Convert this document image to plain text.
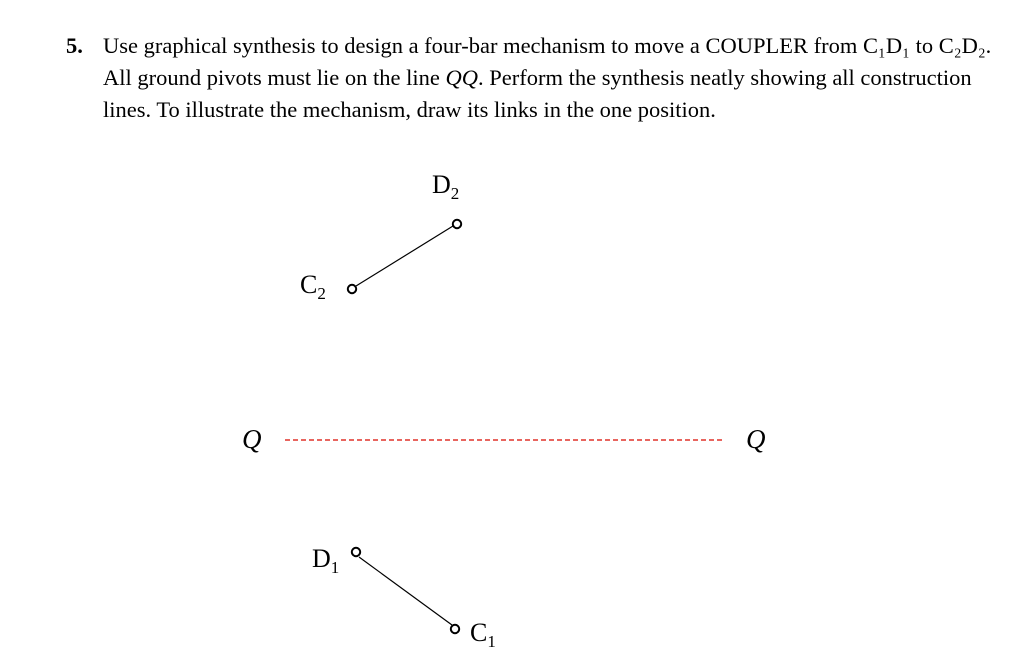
5. Use graphical synthesis to design a four-bar mechanism to move a COUPLER from C₁D₁ to C₂D₂. All ground pivots must lie on the line QQ. Perform the synthesis neatly showing all construction lines. To illustrate the mechanism, draw its links in the one position.
$D_2$
$C_2$
Q	Q
$D_1$
$C_1$
